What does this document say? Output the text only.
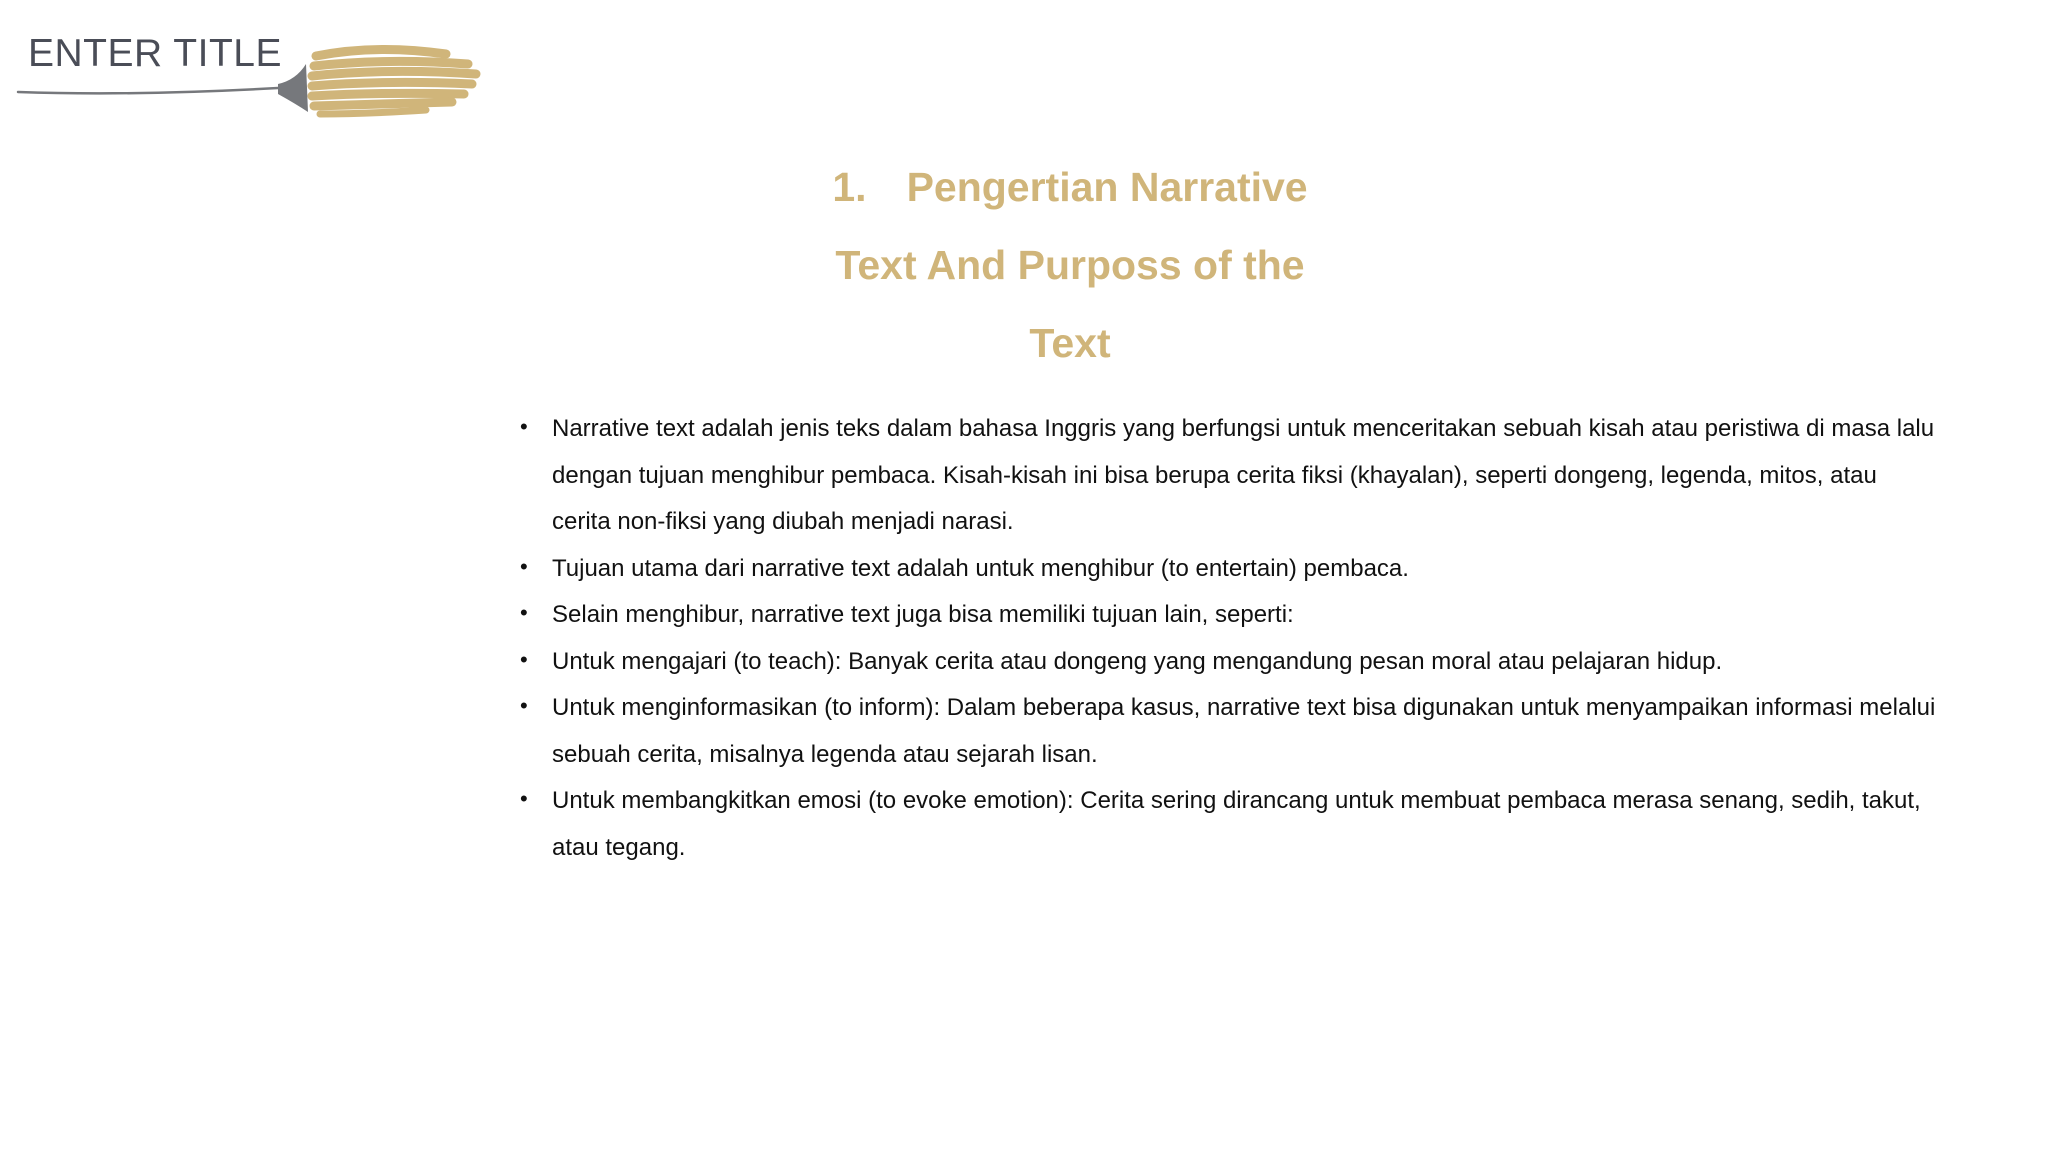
ENTER TITLE
1. Pengertian Narrative
Text And Purposs of the
Text
• Narrative text adalah jenis teks dalam bahasa Inggris yang berfungsi untuk menceritakan sebuah kisah atau peristiwa di masa lalu dengan tujuan menghibur pembaca. Kisah-kisah ini bisa berupa cerita fiksi (khayalan), seperti dongeng, legenda, mitos, atau cerita non-fiksi yang diubah menjadi narasi.
• Tujuan utama dari narrative text adalah untuk menghibur (to entertain) pembaca.
• Selain menghibur, narrative text juga bisa memiliki tujuan lain, seperti:
• Untuk mengajari (to teach): Banyak cerita atau dongeng yang mengandung pesan moral atau pelajaran hidup.
• Untuk menginformasikan (to inform): Dalam beberapa kasus, narrative text bisa digunakan untuk menyampaikan informasi melalui sebuah cerita, misalnya legenda atau sejarah lisan.
• Untuk membangkitkan emosi (to evoke emotion): Cerita sering dirancang untuk membuat pembaca merasa senang, sedih, takut, atau tegang.
